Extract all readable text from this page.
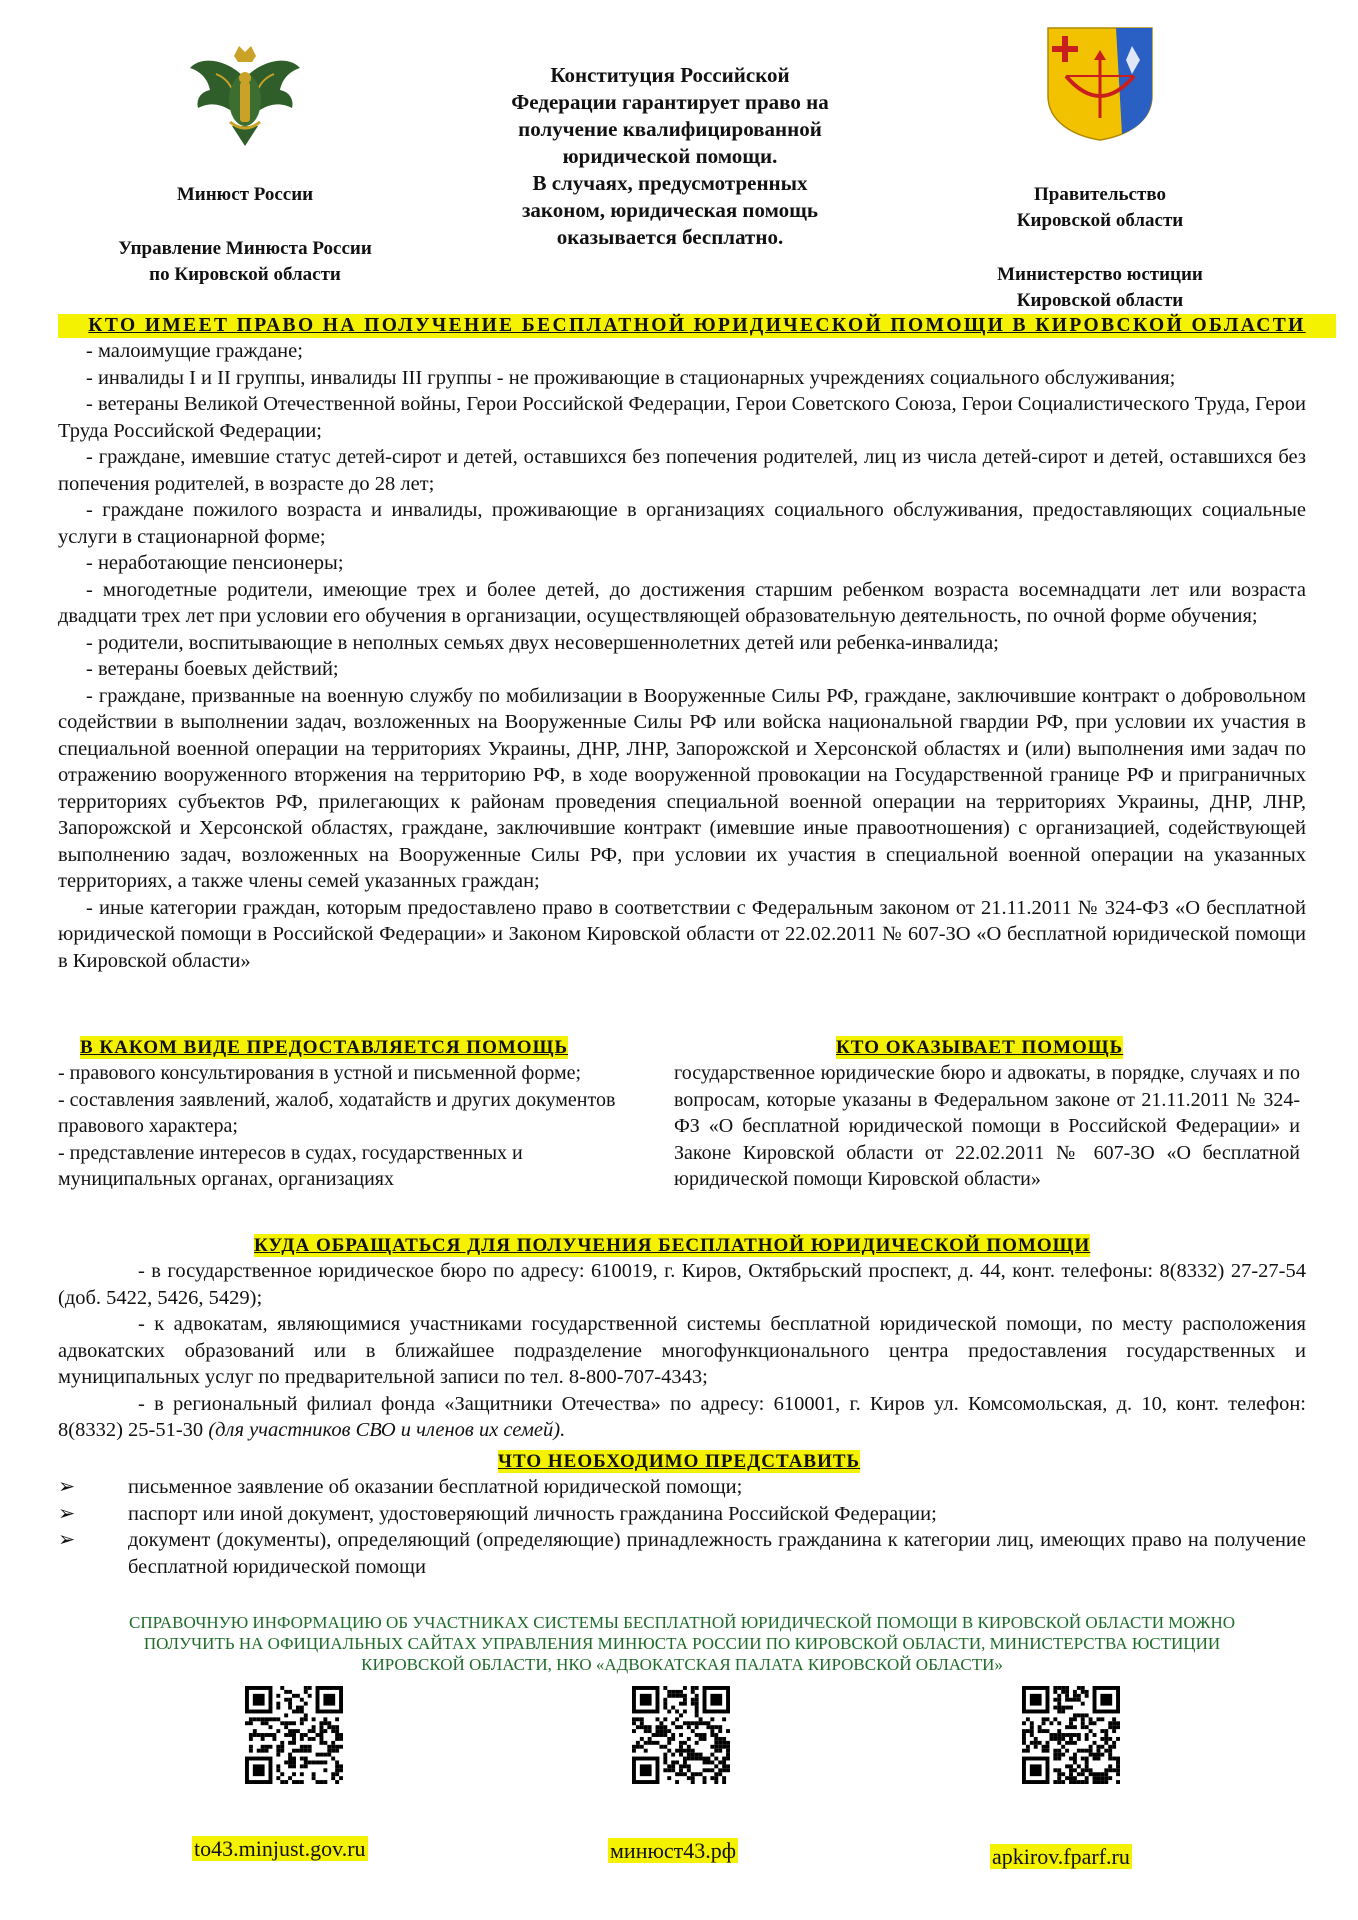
Минюст России
Управление Минюста России
по Кировской области
Конституция Российской
Федерации гарантирует право на
получение квалифицированной
юридической помощи.
В случаях, предусмотренных
законом, юридическая помощь
оказывается бесплатно.
Правительство
Кировской области
Министерство юстиции
Кировской области
КТО ИМЕЕТ ПРАВО НА ПОЛУЧЕНИЕ БЕСПЛАТНОЙ ЮРИДИЧЕСКОЙ ПОМОЩИ В КИРОВСКОЙ ОБЛАСТИ

- малоимущие граждане;

- инвалиды I и II группы, инвалиды III группы - не проживающие в стационарных учреждениях социального обслуживания;

- ветераны Великой Отечественной войны, Герои Российской Федерации, Герои Советского Союза, Герои Социалистического Труда, Герои Труда Российской Федерации;

- граждане, имевшие статус детей-сирот и детей, оставшихся без попечения родителей, лиц из числа детей-сирот и детей, оставшихся без попечения родителей, в возрасте до 28 лет;

- граждане пожилого возраста и инвалиды, проживающие в организациях социального обслуживания, предоставляющих социальные услуги в стационарной форме;

- неработающие пенсионеры;

- многодетные родители, имеющие трех и более детей, до достижения старшим ребенком возраста восемнадцати лет или возраста двадцати трех лет при условии его обучения в организации, осуществляющей образовательную деятельность, по очной форме обучения;

- родители, воспитывающие в неполных семьях двух несовершеннолетних детей или ребенка-инвалида;

- ветераны боевых действий;

- граждане, призванные на военную службу по мобилизации в Вооруженные Силы РФ, граждане, заключившие контракт о добровольном содействии в выполнении задач, возложенных на Вооруженные Силы РФ или войска национальной гвардии РФ, при условии их участия в специальной военной операции на территориях Украины, ДНР, ЛНР, Запорожской и Херсонской областях и (или) выполнения ими задач по отражению вооруженного вторжения на территорию РФ, в ходе вооруженной провокации на Государственной границе РФ и приграничных территориях субъектов РФ, прилегающих к районам проведения специальной военной операции на территориях Украины, ДНР, ЛНР, Запорожской и Херсонской областях, граждане, заключившие контракт (имевшие иные правоотношения) с организацией, содействующей выполнению задач, возложенных на Вооруженные Силы РФ, при условии их участия в специальной военной операции на указанных территориях, а также члены семей указанных граждан;

- иные категории граждан, которым предоставлено право в соответствии с Федеральным законом от 21.11.2011 № 324-ФЗ «О бесплатной юридической помощи в Российской Федерации» и Законом Кировской области от 22.02.2011 № 607-ЗО «О бесплатной юридической помощи в Кировской области»

В КАКОМ ВИДЕ ПРЕДОСТАВЛЯЕТСЯ ПОМОЩЬ

- правового консультирования в устной и письменной форме;

- составления заявлений, жалоб, ходатайств и других документов правового характера;

- представление интересов в судах, государственных и муниципальных органах, организациях

КТО ОКАЗЫВАЕТ ПОМОЩЬ
государственное юридические бюро и адвокаты, в порядке, случаях и по вопросам, которые указаны в Федеральном законе от 21.11.2011 № 324-ФЗ «О бесплатной юридической помощи в Российской Федерации» и Законе Кировской области от 22.02.2011 № 607-ЗО «О бесплатной юридической помощи Кировской области»
КУДА ОБРАЩАТЬСЯ ДЛЯ ПОЛУЧЕНИЯ БЕСПЛАТНОЙ ЮРИДИЧЕСКОЙ ПОМОЩИ

- в государственное юридическое бюро по адресу: 610019, г. Киров, Октябрьский проспект, д. 44, конт. телефоны: 8(8332) 27-27-54 (доб. 5422, 5426, 5429);

- к адвокатам, являющимися участниками государственной системы бесплатной юридической помощи, по месту расположения адвокатских образований или в ближайшее подразделение многофункционального центра предоставления государственных и муниципальных услуг по предварительной записи по тел. 8-800-707-4343;

- в региональный филиал фонда «Защитники Отечества» по адресу: 610001, г. Киров ул. Комсомольская, д. 10, конт. телефон: 8(8332) 25-51-30 (для участников СВО и членов их семей).

ЧТО НЕОБХОДИМО ПРЕДСТАВИТЬ
➢	письменное заявление об оказании бесплатной юридической помощи;
➢	паспорт или иной документ, удостоверяющий личность гражданина Российской Федерации;
➢	документ (документы), определяющий (определяющие) принадлежность гражданина к категории лиц, имеющих право на получение бесплатной юридической помощи
СПРАВОЧНУЮ ИНФОРМАЦИЮ ОБ УЧАСТНИКАХ СИСТЕМЫ БЕСПЛАТНОЙ ЮРИДИЧЕСКОЙ ПОМОЩИ В КИРОВСКОЙ ОБЛАСТИ МОЖНО
ПОЛУЧИТЬ НА ОФИЦИАЛЬНЫХ САЙТАХ УПРАВЛЕНИЯ МИНЮСТА РОССИИ ПО КИРОВСКОЙ ОБЛАСТИ, МИНИСТЕРСТВА ЮСТИЦИИ
КИРОВСКОЙ ОБЛАСТИ, НКО «АДВОКАТСКАЯ ПАЛАТА КИРОВСКОЙ ОБЛАСТИ»
to43.minjust.gov.ru	минюст43.рф	apkirov.fparf.ru
